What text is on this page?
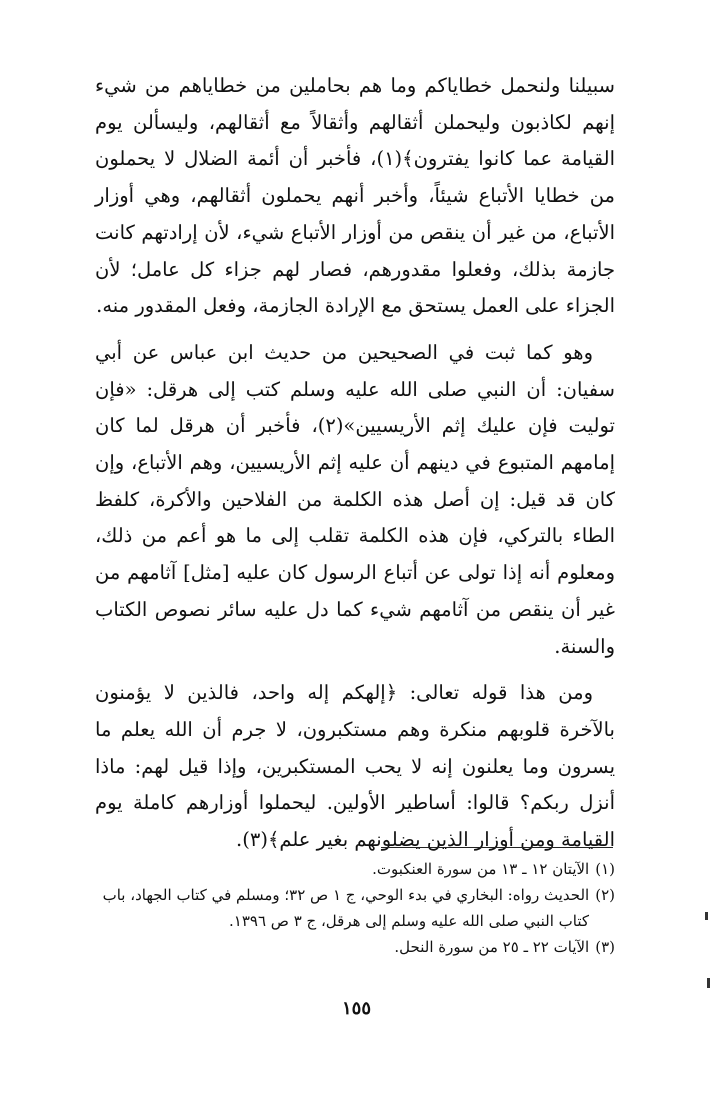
سبيلنا ولنحمل خطاياكم وما هم بحاملين من خطاياهم من شيء إنهم لكاذبون وليحملن أثقالهم وأثقالاً مع أثقالهم، وليسألن يوم القيامة عما كانوا يفترون﴾(١)، فأخبر أن أئمة الضلال لا يحملون من خطايا الأتباع شيئاً، وأخبر أنهم يحملون أثقالهم، وهي أوزار الأتباع، من غير أن ينقص من أوزار الأتباع شيء، لأن إرادتهم كانت جازمة بذلك، وفعلوا مقدورهم، فصار لهم جزاء كل عامل؛ لأن الجزاء على العمل يستحق مع الإرادة الجازمة، وفعل المقدور منه.

وهو كما ثبت في الصحيحين من حديث ابن عباس عن أبي سفيان: أن النبي صلى الله عليه وسلم كتب إلى هرقل: «فإن توليت فإن عليك إثم الأريسيين»(٢)، فأخبر أن هرقل لما كان إمامهم المتبوع في دينهم أن عليه إثم الأريسيين، وهم الأتباع، وإن كان قد قيل: إن أصل هذه الكلمة من الفلاحين والأكرة، كلفظ الطاء بالتركي، فإن هذه الكلمة تقلب إلى ما هو أعم من ذلك، ومعلوم أنه إذا تولى عن أتباع الرسول كان عليه [مثل] آثامهم من غير أن ينقص من آثامهم شيء كما دل عليه سائر نصوص الكتاب والسنة.

ومن هذا قوله تعالى: ﴿إلهكم إله واحد، فالذين لا يؤمنون بالآخرة قلوبهم منكرة وهم مستكبرون، لا جرم أن الله يعلم ما يسرون وما يعلنون إنه لا يحب المستكبرين، وإذا قيل لهم: ماذا أنزل ربكم؟ قالوا: أساطير الأولين. ليحملوا أوزارهم كاملة يوم القيامة ومن أوزار الذين يضلونهم بغير علم﴾(٣).

(١)الآيتان ١٢ ـ ١٣ من سورة العنكبوت.

(٢)الحديث رواه: البخاري في بدء الوحي، ج ١ ص ٣٢؛ ومسلم في كتاب الجهاد، باب

كتاب النبي صلى الله عليه وسلم إلى هرقل، ج ٣ ص ١٣٩٦.

(٣)الآيات ٢٢ ـ ٢٥ من سورة النحل.

١٥٥
